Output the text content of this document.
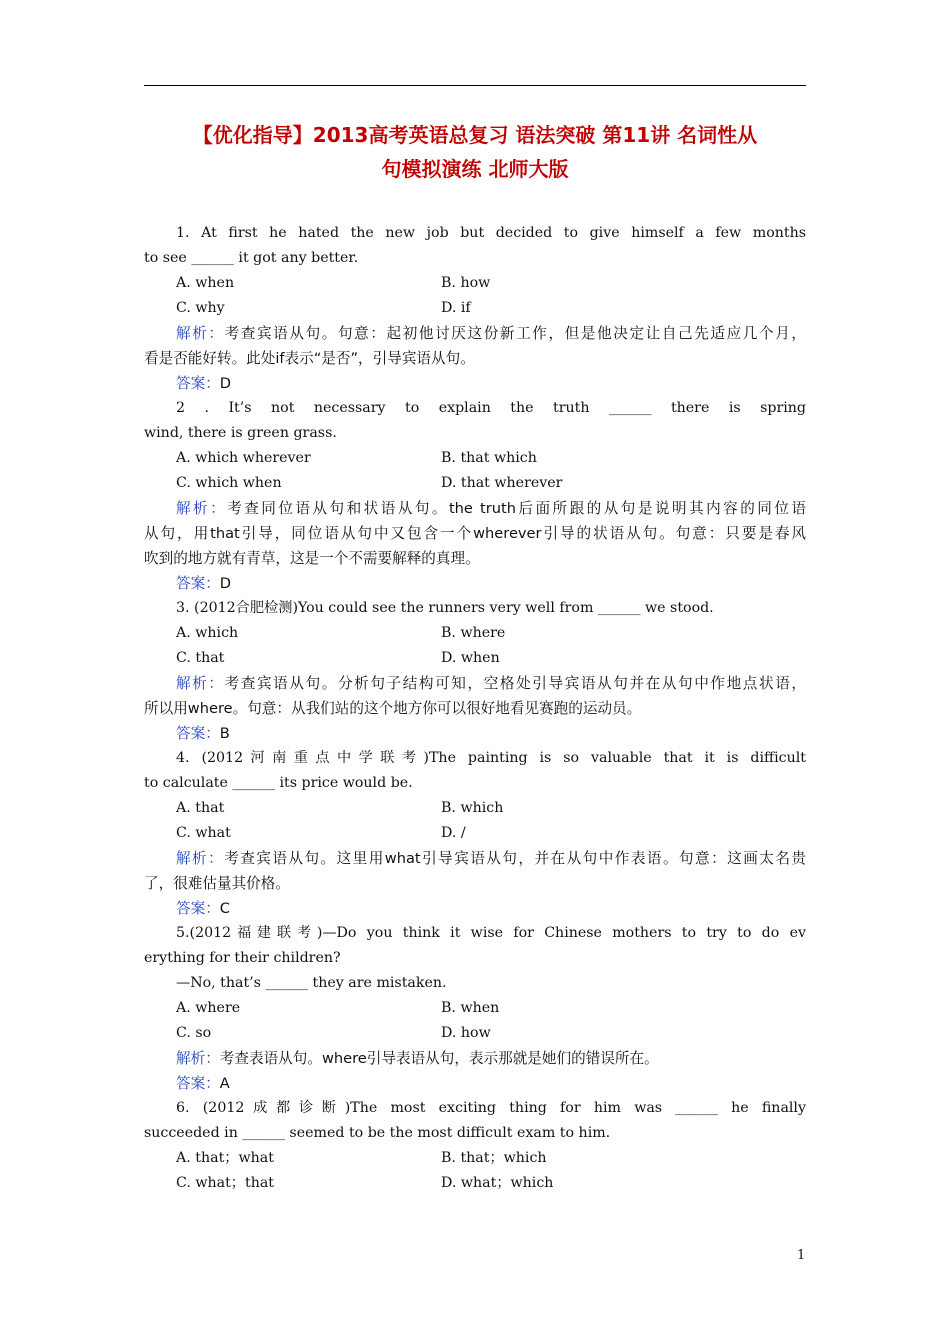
【优化指导】2013高考英语总复习 语法突破 第11讲 名词性从
句模拟演练 北师大版
1. At first he hated the new job but decided to give himself a few months
to see ______ it got any better.
A. when	B. how
C. why	D. if
解析：考查宾语从句。句意：起初他讨厌这份新工作，但是他决定让自己先适应几个月，
看是否能好转。此处if表示“是否”，引导宾语从句。
答案：D
2 . It’s not necessary to explain the truth ______ there is spring
wind, there is green grass.
A. which wherever	B. that which
C. which when	D. that wherever
解析：考查同位语从句和状语从句。the truth后面所跟的从句是说明其内容的同位语
从句，用that引导，同位语从句中又包含一个wherever引导的状语从句。句意：只要是春风
吹到的地方就有青草，这是一个不需要解释的真理。
答案：D
3. (2012合肥检测)You could see the runners very well from ______ we stood.
A. which	B. where
C. that	D. when
解析：考查宾语从句。分析句子结构可知，空格处引导宾语从句并在从句中作地点状语，
所以用where。句意：从我们站的这个地方你可以很好地看见赛跑的运动员。
答案：B
4. (2012河南重点中学联考)The painting is so valuable that it is difficult
to calculate ______ its price would be.
A. that	B. which
C. what	D. /
解析：考查宾语从句。这里用what引导宾语从句，并在从句中作表语。句意：这画太名贵
了，很难估量其价格。
答案：C
5.(2012福建联考)—Do you think it wise for Chinese mothers to try to do ev
erything for their children?
—No, that’s ______ they are mistaken.
A. where	B. when
C. so	D. how
解析：考查表语从句。where引导表语从句，表示那就是她们的错误所在。
答案：A
6. (2012成都诊断)The most exciting thing for him was ______ he finally
succeeded in ______ seemed to be the most difficult exam to him.
A. that；what	B. that；which
C. what；that	D. what；which
1
